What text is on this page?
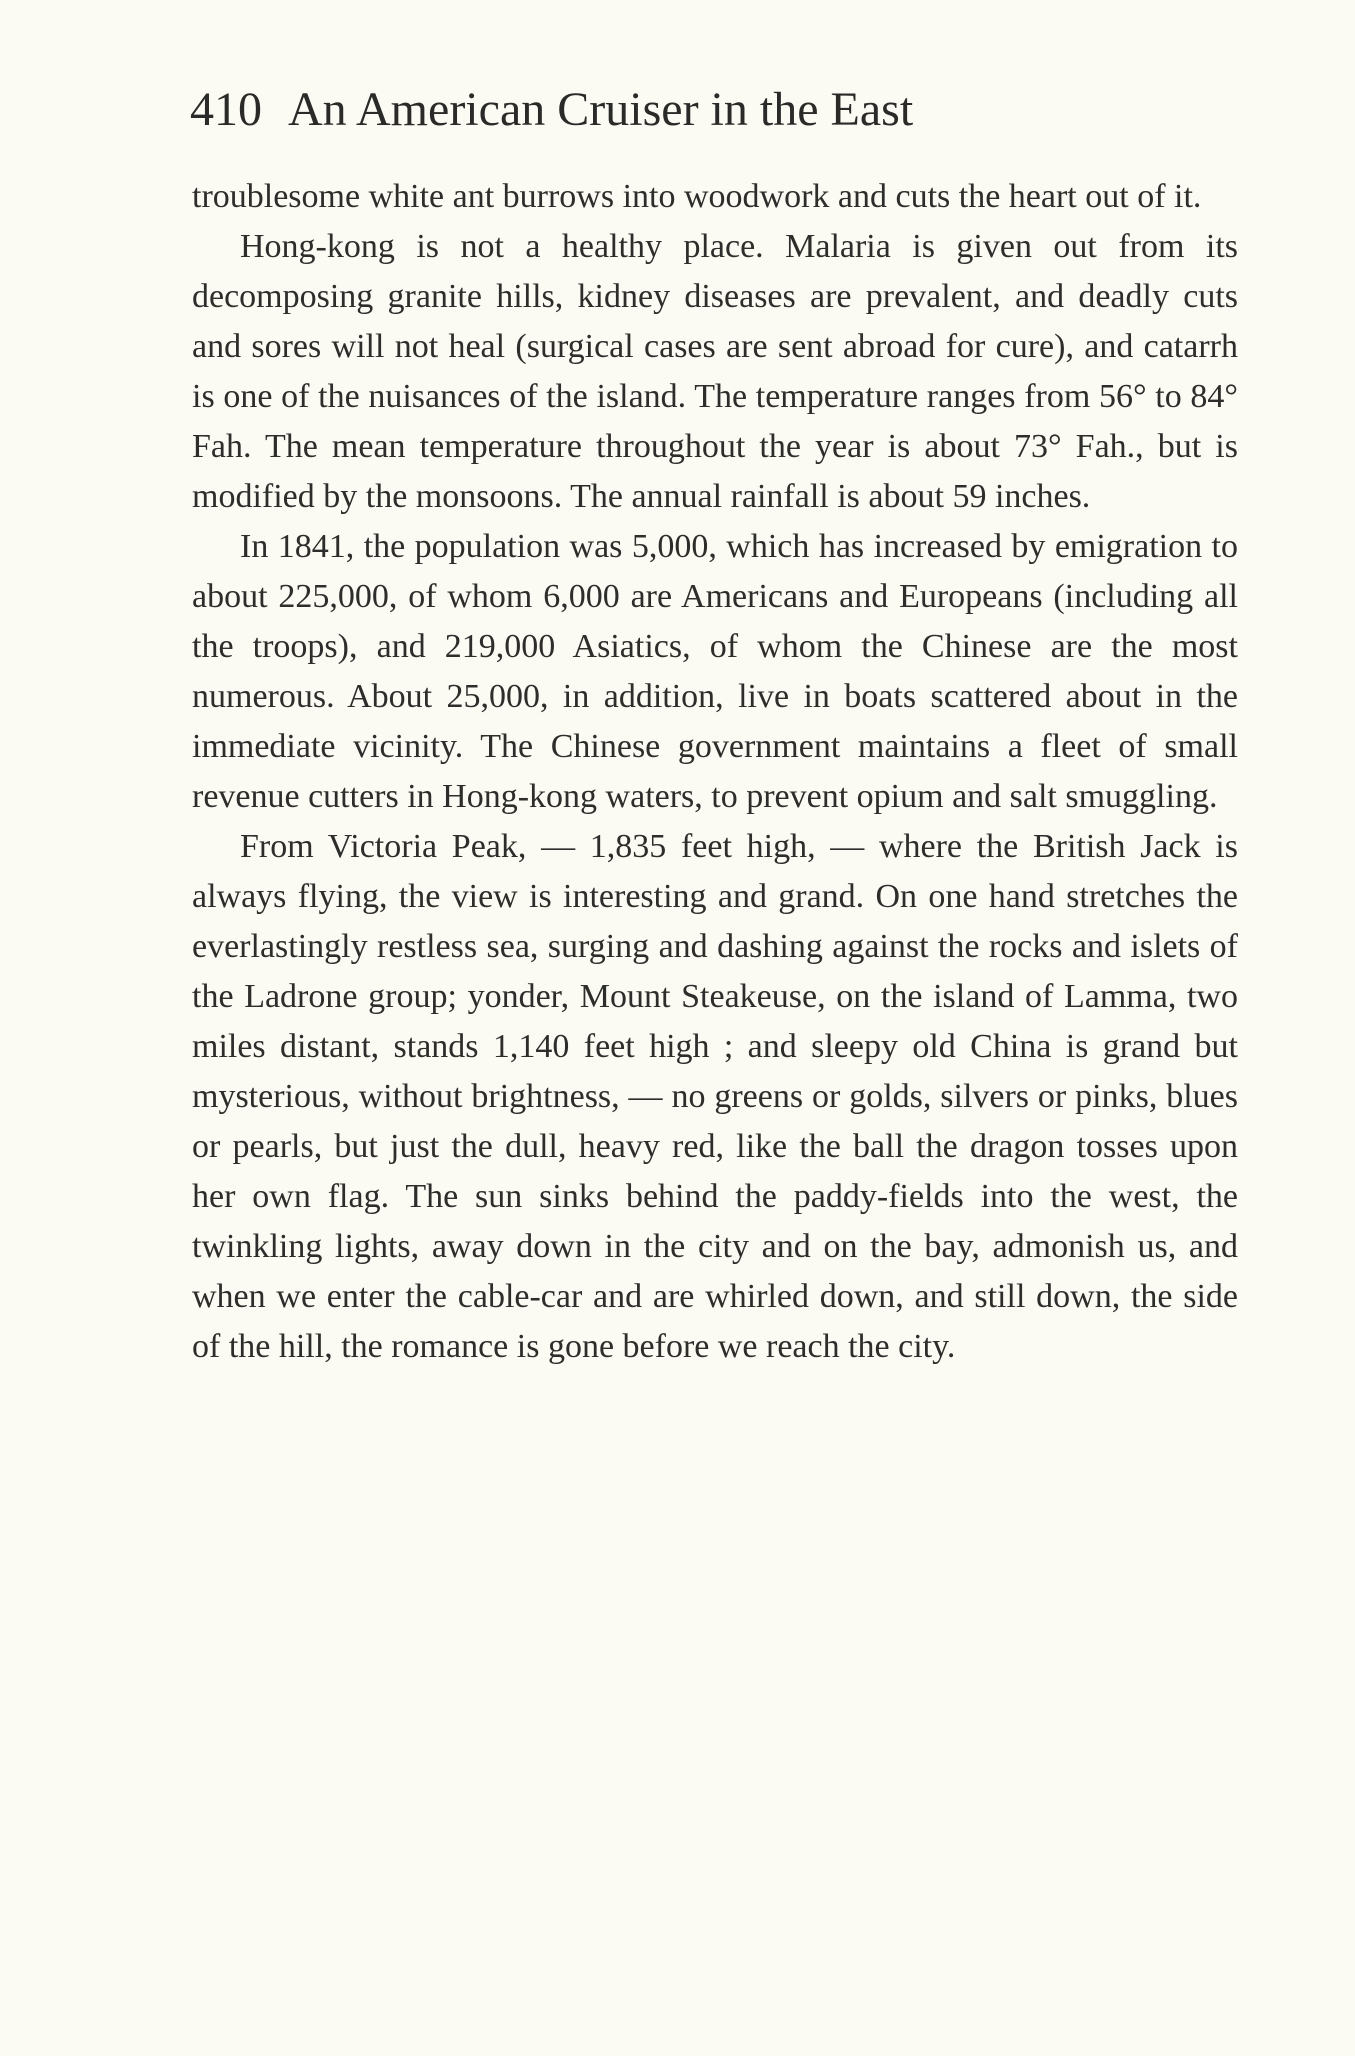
410 An American Cruiser in the East

troublesome white ant burrows into woodwork and cuts the heart out of it.

Hong-kong is not a healthy place. Malaria is given out from its decomposing granite hills, kidney diseases are prevalent, and deadly cuts and sores will not heal (surgical cases are sent abroad for cure), and catarrh is one of the nuisances of the island. The temperature ranges from 56° to 84° Fah. The mean temperature throughout the year is about 73° Fah., but is modified by the monsoons. The annual rainfall is about 59 inches.

In 1841, the population was 5,000, which has increased by emigration to about 225,000, of whom 6,000 are Americans and Europeans (including all the troops), and 219,000 Asiatics, of whom the Chinese are the most numerous. About 25,000, in addition, live in boats scattered about in the immediate vicinity. The Chinese government maintains a fleet of small revenue cutters in Hong-kong waters, to prevent opium and salt smuggling.

From Victoria Peak, — 1,835 feet high, — where the British Jack is always flying, the view is interesting and grand. On one hand stretches the everlastingly restless sea, surging and dashing against the rocks and islets of the Ladrone group; yonder, Mount Steakeuse, on the island of Lamma, two miles distant, stands 1,140 feet high ; and sleepy old China is grand but mysterious, without brightness, — no greens or golds, silvers or pinks, blues or pearls, but just the dull, heavy red, like the ball the dragon tosses upon her own flag. The sun sinks behind the paddy-fields into the west, the twinkling lights, away down in the city and on the bay, admonish us, and when we enter the cable-car and are whirled down, and still down, the side of the hill, the romance is gone before we reach the city.
